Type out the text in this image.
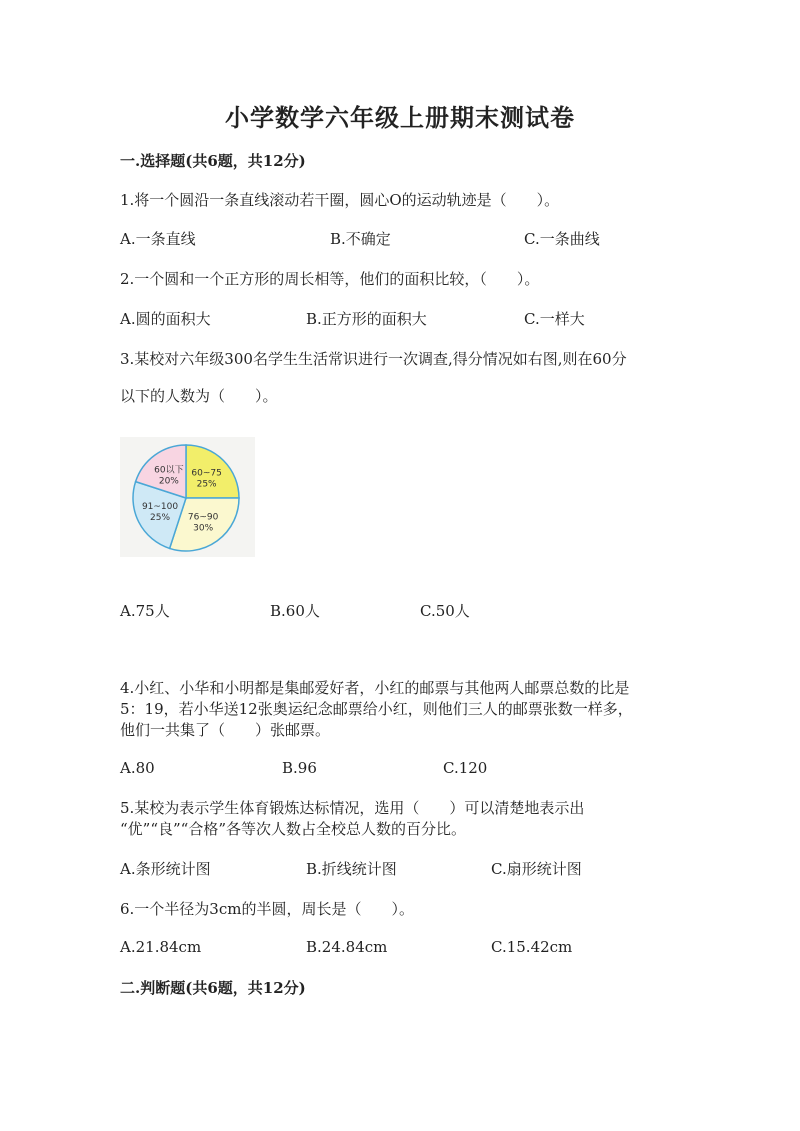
小学数学六年级上册期末测试卷
一.选择题(共6题，共12分)
1.将一个圆沿一条直线滚动若干圈，圆心O的运动轨迹是（　　）。
A.一条直线	B.不确定	C.一条曲线
2.一个圆和一个正方形的周长相等，他们的面积比较，（　　）。
A.圆的面积大	B.正方形的面积大	C.一样大
3.某校对六年级300名学生生活常识进行一次调查,得分情况如右图,则在60分
以下的人数为（　　）。
60~75
25%
76~90
30%
91~100
25%
60以下
20%
A.75人	B.60人	C.50人
4.小红、小华和小明都是集邮爱好者，小红的邮票与其他两人邮票总数的比是
5：19，若小华送12张奥运纪念邮票给小红，则他们三人的邮票张数一样多，
他们一共集了（　　）张邮票。
A.80	B.96	C.120
5.某校为表示学生体育锻炼达标情况，选用（　　）可以清楚地表示出
“优”“良”“合格”各等次人数占全校总人数的百分比。
A.条形统计图	B.折线统计图	C.扇形统计图
6.一个半径为3cm的半圆，周长是（　　）。
A.21.84cm	B.24.84cm	C.15.42cm
二.判断题(共6题，共12分)
